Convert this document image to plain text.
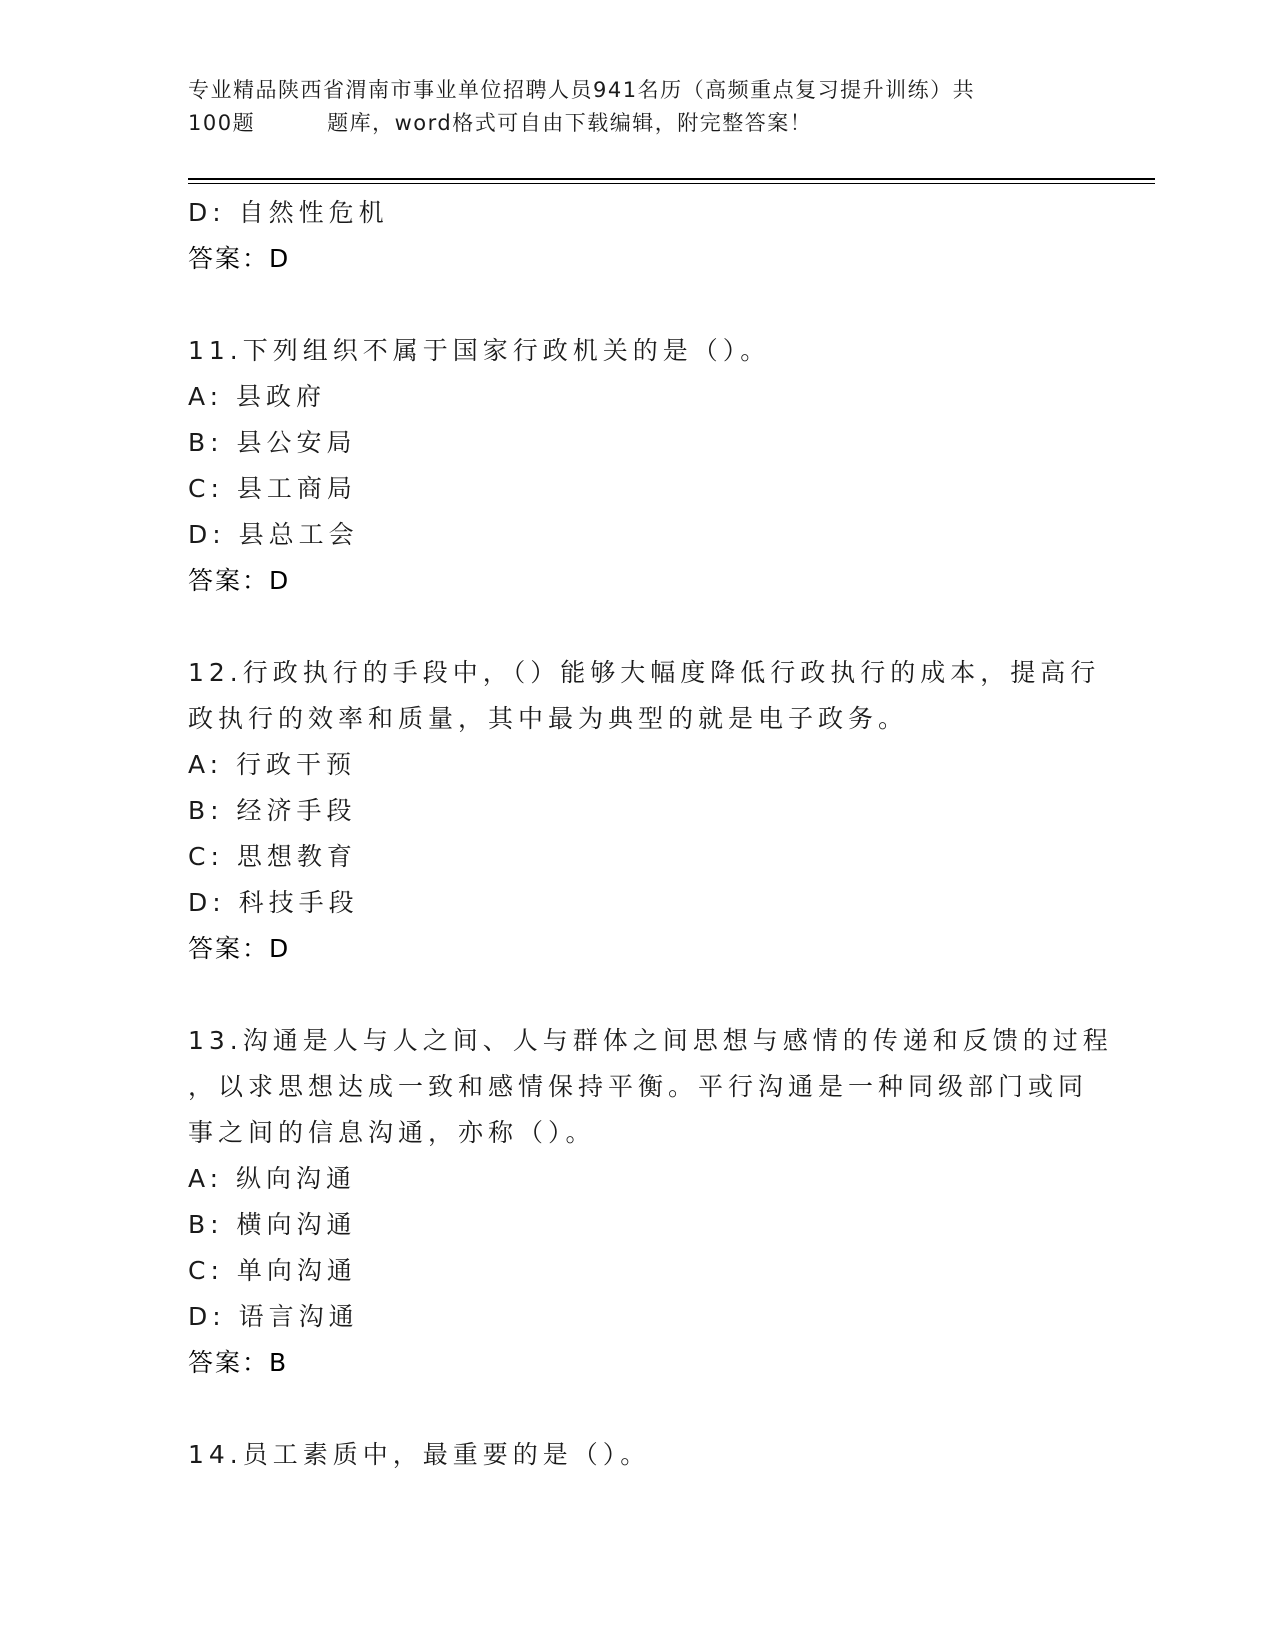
专业精品陕西省渭南市事业单位招聘人员941名历（高频重点复习提升训练）共
100题	题库，word格式可自由下载编辑，附完整答案！
D: 自然性危机
答案：D
11.下列组织不属于国家行政机关的是（）。
A: 县政府
B: 县公安局
C: 县工商局
D: 县总工会
答案：D
12.行政执行的手段中，（）能够大幅度降低行政执行的成本，提高行
政执行的效率和质量，其中最为典型的就是电子政务。
A: 行政干预
B: 经济手段
C: 思想教育
D: 科技手段
答案：D
13.沟通是人与人之间、人与群体之间思想与感情的传递和反馈的过程
，以求思想达成一致和感情保持平衡。平行沟通是一种同级部门或同
事之间的信息沟通，亦称（）。
A: 纵向沟通
B: 横向沟通
C: 单向沟通
D: 语言沟通
答案：B
14.员工素质中，最重要的是（）。
